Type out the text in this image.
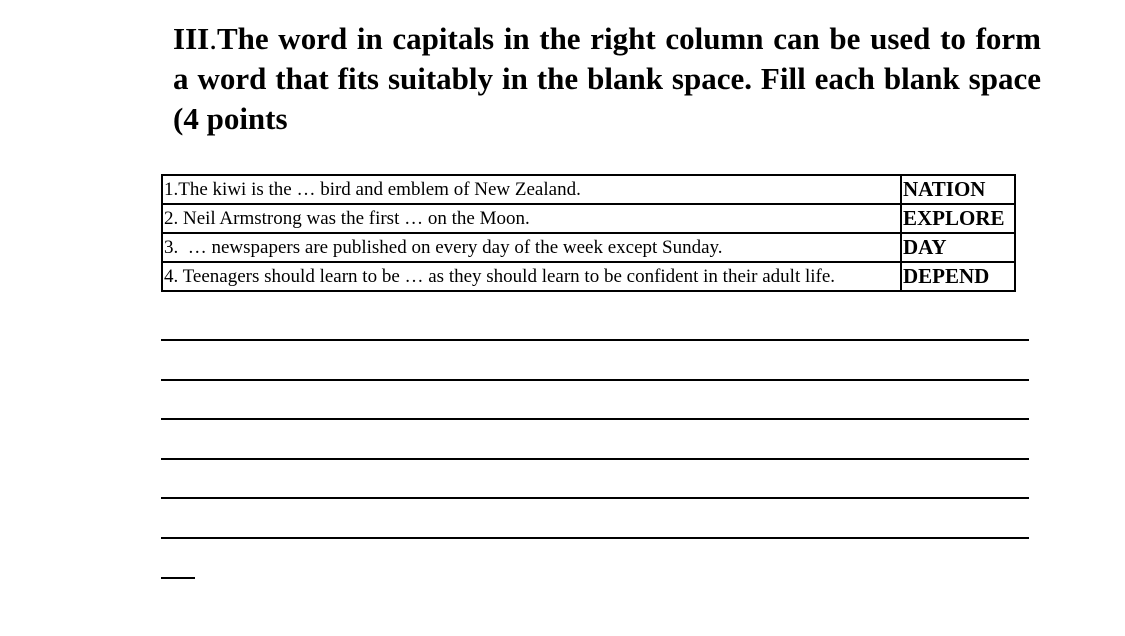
III.The word in capitals in the right column can be used to form a word that fits suitably in the blank space. Fill each blank space (4 points

1.The kiwi is the … bird and emblem of New Zealand.	NATION
2. Neil Armstrong was the first … on the Moon.	EXPLORE
3.  … newspapers are published on every day of the week except Sunday.	DAY
4. Teenagers should learn to be … as they should learn to be confident in their adult life.	DEPEND
